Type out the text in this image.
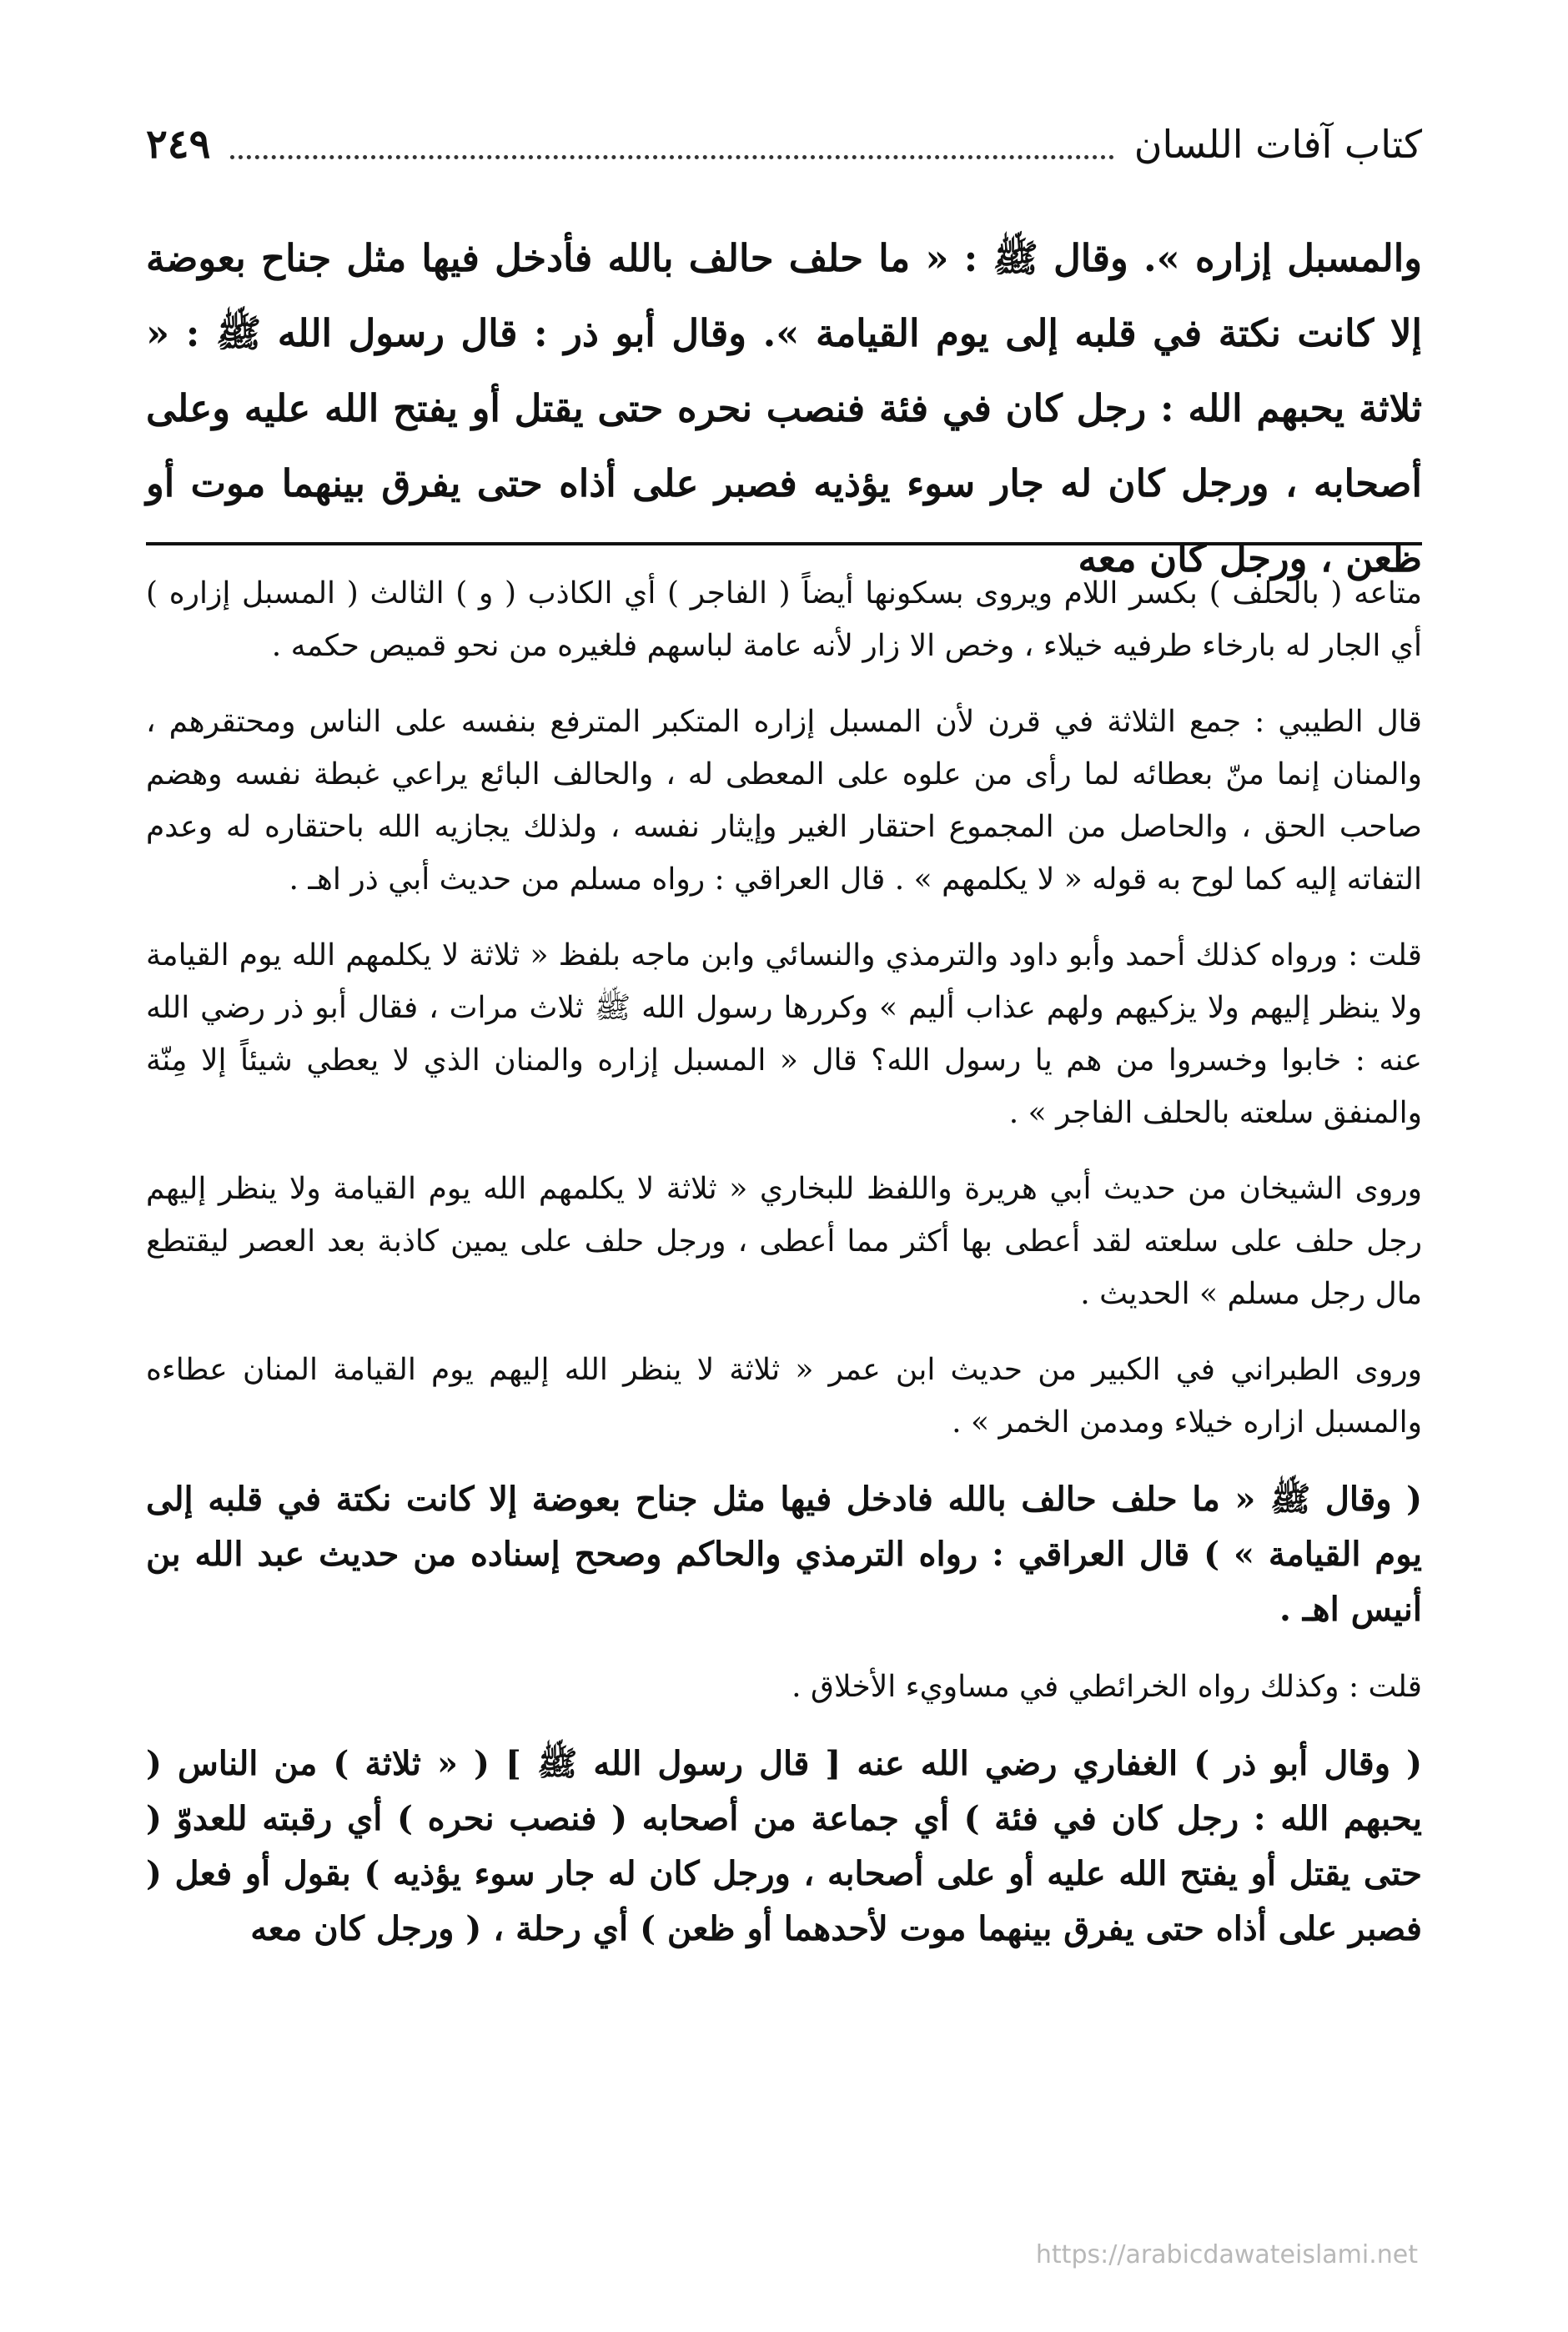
كتاب آفات اللسان
٢٤٩
والمسبل إزاره ». وقال ﷺ : « ما حلف حالف بالله فأدخل فيها مثل جناح بعوضة إلا كانت نكتة في قلبه إلى يوم القيامة ». وقال أبو ذر : قال رسول الله ﷺ : « ثلاثة يحبهم الله : رجل كان في فئة فنصب نحره حتى يقتل أو يفتح الله عليه وعلى أصحابه ، ورجل كان له جار سوء يؤذيه فصبر على أذاه حتى يفرق بينهما موت أو ظعن ، ورجل كان معه

متاعه ( بالحلف ) بكسر اللام ويروى بسكونها أيضاً ( الفاجر ) أي الكاذب ( و ) الثالث ( المسبل إزاره ) أي الجار له بارخاء طرفيه خيلاء ، وخص الا زار لأنه عامة لباسهم فلغيره من نحو قميص حكمه .

قال الطيبي : جمع الثلاثة في قرن لأن المسبل إزاره المتكبر المترفع بنفسه على الناس ومحتقرهم ، والمنان إنما منّ بعطائه لما رأى من علوه على المعطى له ، والحالف البائع يراعي غبطة نفسه وهضم صاحب الحق ، والحاصل من المجموع احتقار الغير وإيثار نفسه ، ولذلك يجازيه الله باحتقاره له وعدم التفاته إليه كما لوح به قوله « لا يكلمهم » . قال العراقي : رواه مسلم من حديث أبي ذر اهـ .

قلت : ورواه كذلك أحمد وأبو داود والترمذي والنسائي وابن ماجه بلفظ « ثلاثة لا يكلمهم الله يوم القيامة ولا ينظر إليهم ولا يزكيهم ولهم عذاب أليم » وكررها رسول الله ﷺ ثلاث مرات ، فقال أبو ذر رضي الله عنه : خابوا وخسروا من هم يا رسول الله؟ قال « المسبل إزاره والمنان الذي لا يعطي شيئاً إلا مِنّة والمنفق سلعته بالحلف الفاجر » .

وروى الشيخان من حديث أبي هريرة واللفظ للبخاري « ثلاثة لا يكلمهم الله يوم القيامة ولا ينظر إليهم رجل حلف على سلعته لقد أعطى بها أكثر مما أعطى ، ورجل حلف على يمين كاذبة بعد العصر ليقتطع مال رجل مسلم » الحديث .

وروى الطبراني في الكبير من حديث ابن عمر « ثلاثة لا ينظر الله إليهم يوم القيامة المنان عطاءه والمسبل ازاره خيلاء ومدمن الخمر » .

( وقال ﷺ « ما حلف حالف بالله فادخل فيها مثل جناح بعوضة إلا كانت نكتة في قلبه إلى يوم القيامة » ) قال العراقي : رواه الترمذي والحاكم وصحح إسناده من حديث عبد الله بن أنيس اهـ .

قلت : وكذلك رواه الخرائطي في مساويء الأخلاق .

( وقال أبو ذر ) الغفاري رضي الله عنه [ قال رسول الله ﷺ ] ( « ثلاثة ) من الناس ( يحبهم الله : رجل كان في فئة ) أي جماعة من أصحابه ( فنصب نحره ) أي رقبته للعدوّ ( حتى يقتل أو يفتح الله عليه أو على أصحابه ، ورجل كان له جار سوء يؤذيه ) بقول أو فعل ( فصبر على أذاه حتى يفرق بينهما موت لأحدهما أو ظعن ) أي رحلة ، ( ورجل كان معه

https://arabicdawateislami.net
